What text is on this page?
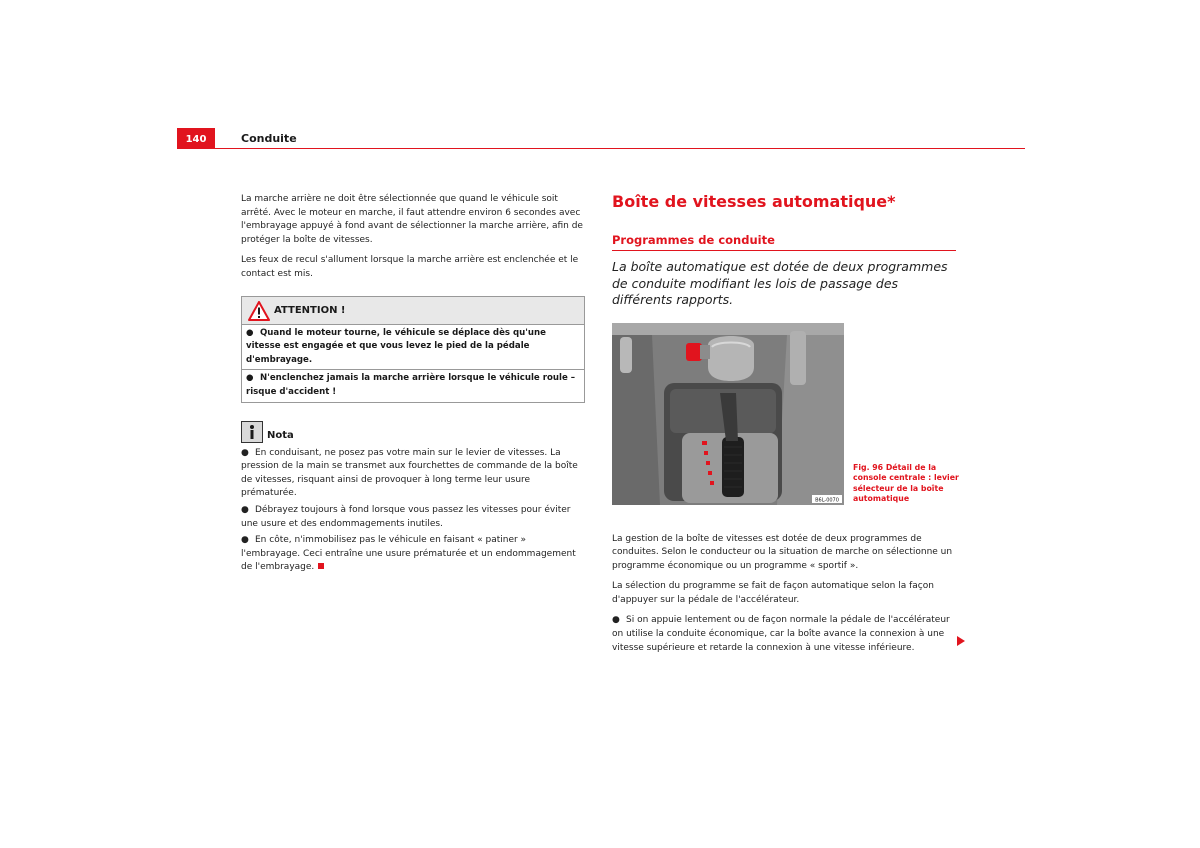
140	Conduite

La marche arrière ne doit être sélectionnée que quand le véhicule soit arrêté. Avec le moteur en marche, il faut attendre environ 6 secondes avec l'embrayage appuyé à fond avant de sélectionner la marche arrière, afin de protéger la boîte de vitesses.

Les feux de recul s'allument lorsque la marche arrière est enclenchée et le contact est mis.

ATTENTION !
● Quand le moteur tourne, le véhicule se déplace dès qu'une vitesse est engagée et que vous levez le pied de la pédale d'embrayage.
● N'enclenchez jamais la marche arrière lorsque le véhicule roule – risque d'accident !
Nota

● En conduisant, ne posez pas votre main sur le levier de vitesses. La pression de la main se transmet aux fourchettes de commande de la boîte de vitesses, risquant ainsi de provoquer à long terme leur usure prématurée.

● Débrayez toujours à fond lorsque vous passez les vitesses pour éviter une usure et des endommagements inutiles.

● En côte, n'immobilisez pas le véhicule en faisant « patiner » l'embrayage. Ceci entraîne une usure prématurée et un endommagement de l'embrayage.

Boîte de vitesses automatique*
Programmes de conduite

La boîte automatique est dotée de deux programmes de conduite modifiant les lois de passage des différents rapports.

B6L-0070
Fig. 96 Détail de la console centrale : levier sélecteur de la boîte automatique

La gestion de la boîte de vitesses est dotée de deux programmes de conduites. Selon le conducteur ou la situation de marche on sélectionne un programme économique ou un programme « sportif ».

La sélection du programme se fait de façon automatique selon la façon d'appuyer sur la pédale de l'accélérateur.

● Si on appuie lentement ou de façon normale la pédale de l'accélérateur on utilise la conduite économique, car la boîte avance la connexion à une vitesse supérieure et retarde la connexion à une vitesse inférieure.
